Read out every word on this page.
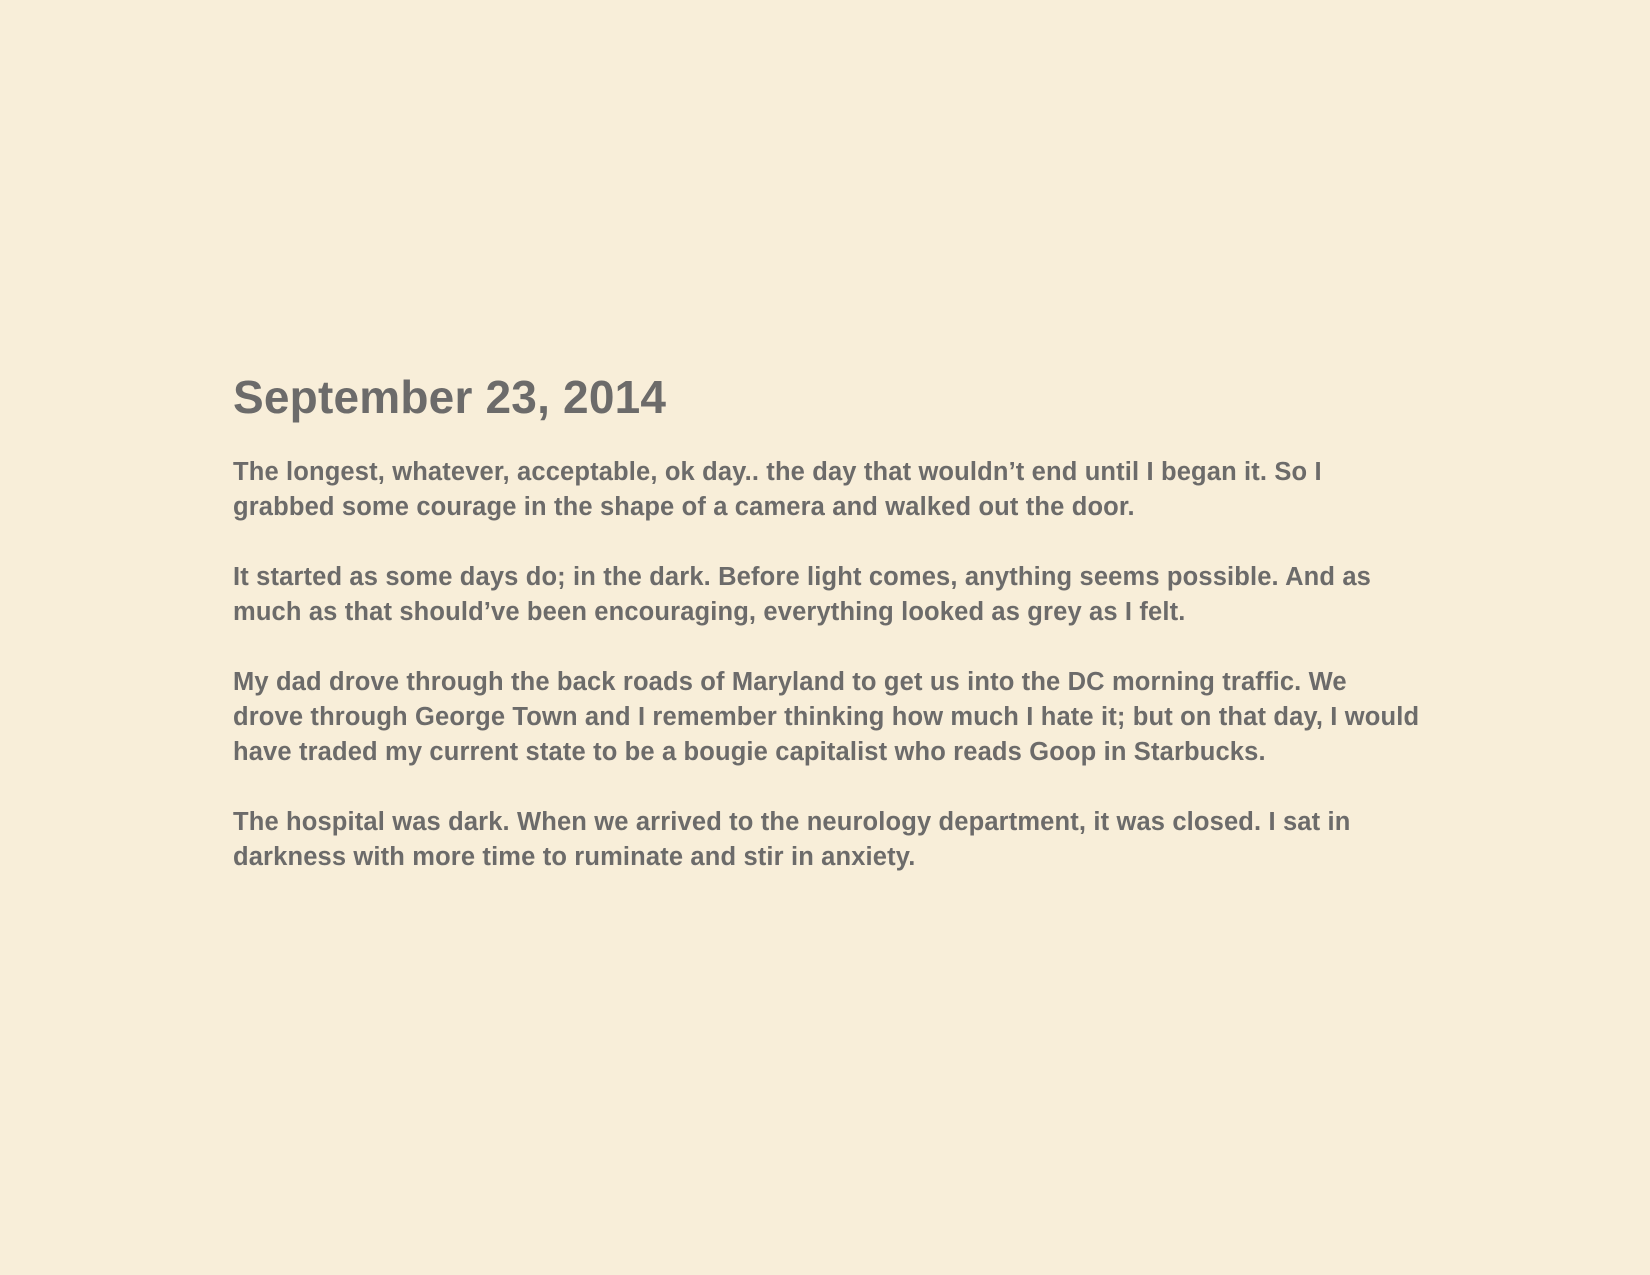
September 23, 2014

The longest, whatever, acceptable, ok day.. the day that wouldn’t end until I began it. So I
grabbed some courage in the shape of a camera and walked out the door.

It started as some days do; in the dark. Before light comes, anything seems possible. And as
much as that should’ve been encouraging, everything looked as grey as I felt.

My dad drove through the back roads of Maryland to get us into the DC morning traffic. We
drove through George Town and I remember thinking how much I hate it; but on that day, I would
have traded my current state to be a bougie capitalist who reads Goop in Starbucks.

The hospital was dark. When we arrived to the neurology department, it was closed. I sat in
darkness with more time to ruminate and stir in anxiety.
